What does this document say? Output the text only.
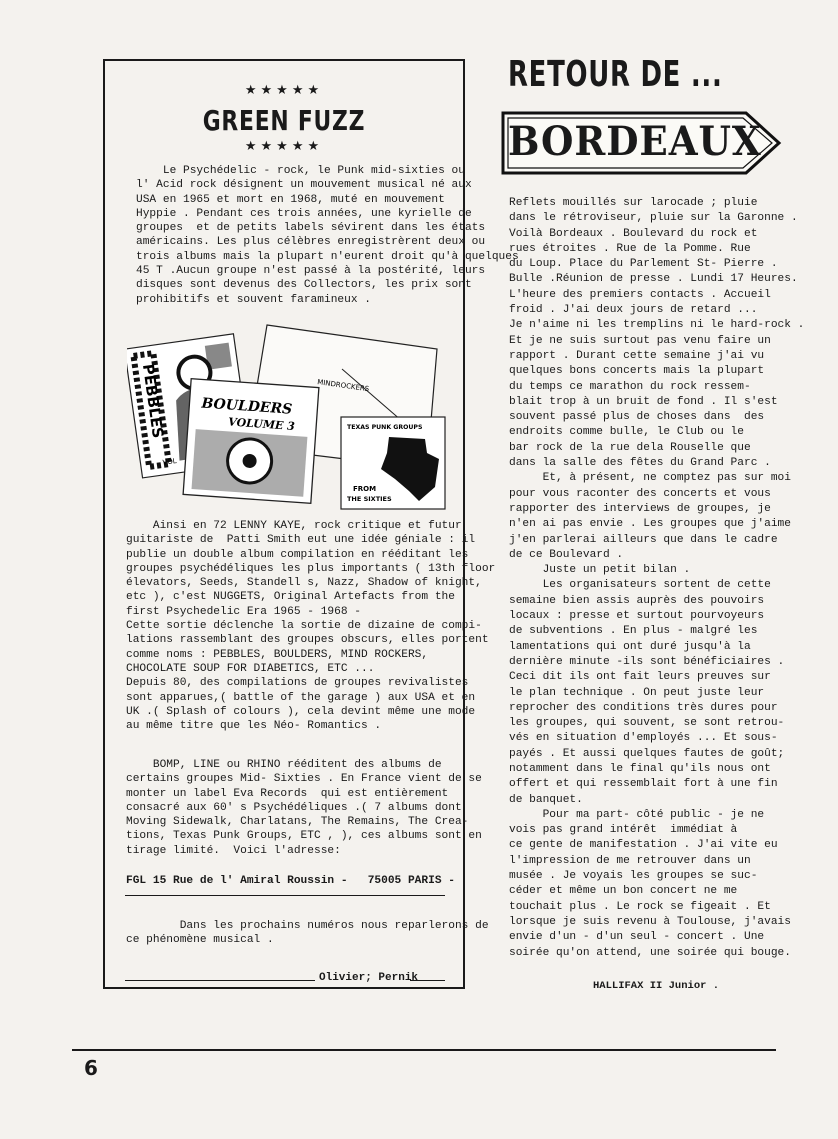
★★★★★
GREEN FUZZ
★★★★★
Le Psychédelic - rock, le Punk mid-sixties ou
l' Acid rock désignent un mouvement musical né aux
USA en 1965 et mort en 1968, muté en mouvement
Hyppie . Pendant ces trois années, une kyrielle de
groupes  et de petits labels sévirent dans les états
américains. Les plus célèbres enregistrèrent deux ou
trois albums mais la plupart n'eurent droit qu'à quelques
45 T .Aucun groupe n'est passé à la postérité, leurs
disques sont devenus des Collectors, les prix sont
prohibitifs et souvent faramineux .
MINDROCKERS
PEBBLES
VOL
BOULDERS
VOLUME 3	TEXAS PUNK GROUPS
FROM
THE SIXTIES
Ainsi en 72 LENNY KAYE, rock critique et futur
guitariste de  Patti Smith eut une idée géniale : il
publie un double album compilation en rééditant les
groupes psychédéliques les plus importants ( 13th floor
élevators, Seeds, Standell s, Nazz, Shadow of knight,
etc ), c'est NUGGETS, Original Artefacts from the
first Psychedelic Era 1965 - 1968 -
Cette sortie déclenche la sortie de dizaine de compi-
lations rassemblant des groupes obscurs, elles portent
comme noms : PEBBLES, BOULDERS, MIND ROCKERS,
CHOCOLATE SOUP FOR DIABETICS, ETC ...
Depuis 80, des compilations de groupes revivalistes
sont apparues,( battle of the garage ) aux USA et en
UK .( Splash of colours ), cela devint même une mode
au même titre que les Néo- Romantics .
BOMP, LINE ou RHINO rééditent des albums de
certains groupes Mid- Sixties . En France vient de se
monter un label Eva Records  qui est entièrement
consacré aux 60' s Psychédéliques .( 7 albums dont
Moving Sidewalk, Charlatans, The Remains, The Crea-
tions, Texas Punk Groups, ETC , ), ces albums sont en
tirage limité.  Voici l'adresse:
FGL 15 Rue de l' Amiral Roussin -   75005 PARIS -
Dans les prochains numéros nous reparlerons de
ce phénomène musical .
Olivier; Pernik
RETOUR DE ...
BORDEAUX
Reflets mouillés sur larocade ; pluie
dans le rétroviseur, pluie sur la Garonne .
Voilà Bordeaux . Boulevard du rock et
rues étroites . Rue de la Pomme. Rue
du Loup. Place du Parlement St- Pierre .
Bulle .Réunion de presse . Lundi 17 Heures.
L'heure des premiers contacts . Accueil
froid . J'ai deux jours de retard ...
Je n'aime ni les tremplins ni le hard-rock .
Et je ne suis surtout pas venu faire un
rapport . Durant cette semaine j'ai vu
quelques bons concerts mais la plupart
du temps ce marathon du rock ressem-
blait trop à un bruit de fond . Il s'est
souvent passé plus de choses dans  des
endroits comme bulle, le Club ou le
bar rock de la rue dela Rouselle que
dans la salle des fêtes du Grand Parc .
Et, à présent, ne comptez pas sur moi
pour vous raconter des concerts et vous
rapporter des interviews de groupes, je
n'en ai pas envie . Les groupes que j'aime
j'en parlerai ailleurs que dans le cadre
de ce Boulevard .
Juste un petit bilan .
Les organisateurs sortent de cette
semaine bien assis auprès des pouvoirs
locaux : presse et surtout pourvoyeurs
de subventions . En plus - malgré les
lamentations qui ont duré jusqu'à la
dernière minute -ils sont bénéficiaires .
Ceci dit ils ont fait leurs preuves sur
le plan technique . On peut juste leur
reprocher des conditions très dures pour
les groupes, qui souvent, se sont retrou-
vés en situation d'employés ... Et sous-
payés . Et aussi quelques fautes de goût;
notamment dans le final qu'ils nous ont
offert et qui ressemblait fort à une fin
de banquet.
Pour ma part- côté public - je ne
vois pas grand intérêt  immédiat à
ce gente de manifestation . J'ai vite eu
l'impression de me retrouver dans un
musée . Je voyais les groupes se suc-
céder et même un bon concert ne me
touchait plus . Le rock se figeait . Et
lorsque je suis revenu à Toulouse, j'avais
envie d'un - d'un seul - concert . Une
soirée qu'on attend, une soirée qui bouge.
HALLIFAX II Junior .
6
